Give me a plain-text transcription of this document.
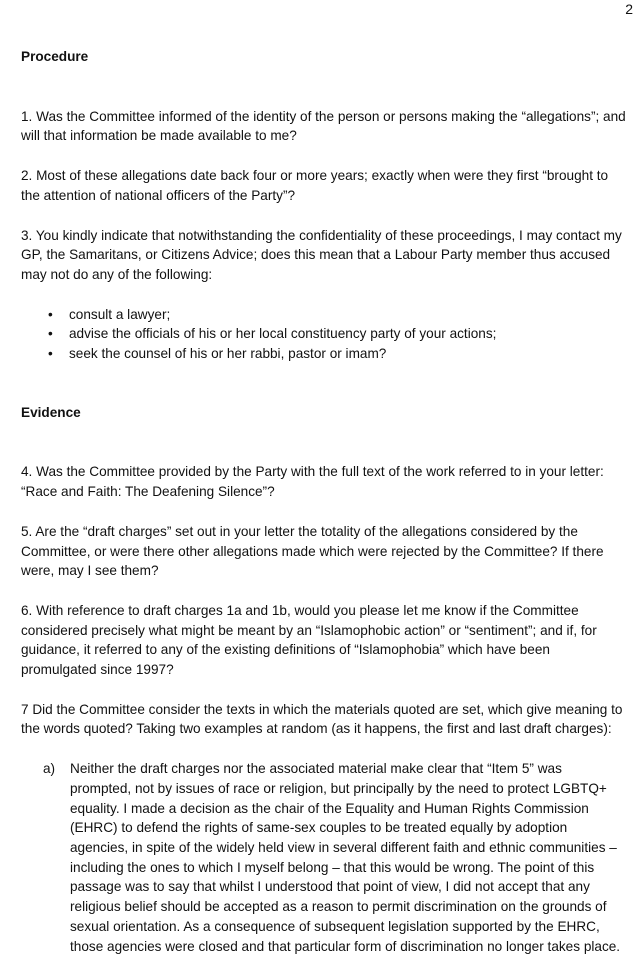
2

Procedure

1. Was the Committee informed of the identity of the person or persons making the “allegations”; and will that information be made available to me?

2. Most of these allegations date back four or more years; exactly when were they first “brought to the attention of national officers of the Party”?

3. You kindly indicate that notwithstanding the confidentiality of these proceedings, I may contact my GP, the Samaritans, or Citizens Advice; does this mean that a Labour Party member thus accused may not do any of the following:

• consult a lawyer;
• advise the officials of his or her local constituency party of your actions;
• seek the counsel of his or her rabbi, pastor or imam?

Evidence

4. Was the Committee provided by the Party with the full text of the work referred to in your letter: “Race and Faith: The Deafening Silence”?

5. Are the “draft charges” set out in your letter the totality of the allegations considered by the Committee, or were there other allegations made which were rejected by the Committee? If there were, may I see them?

6. With reference to draft charges 1a and 1b, would you please let me know if the Committee considered precisely what might be meant by an “Islamophobic action” or “sentiment”; and if, for guidance, it referred to any of the existing definitions of “Islamophobia” which have been promulgated since 1997?

7 Did the Committee consider the texts in which the materials quoted are set, which give meaning to the words quoted? Taking two examples at random (as it happens, the first and last draft charges):

a) Neither the draft charges nor the associated material make clear that “Item 5” was prompted, not by issues of race or religion, but principally by the need to protect LGBTQ+ equality. I made a decision as the chair of the Equality and Human Rights Commission (EHRC) to defend the rights of same-sex couples to be treated equally by adoption agencies, in spite of the widely held view in several different faith and ethnic communities – including the ones to which I myself belong – that this would be wrong. The point of this passage was to say that whilst I understood that point of view, I did not accept that any religious belief should be accepted as a reason to permit discrimination on the grounds of sexual orientation. As a consequence of subsequent legislation supported by the EHRC, those agencies were closed and that particular form of discrimination no longer takes place.
